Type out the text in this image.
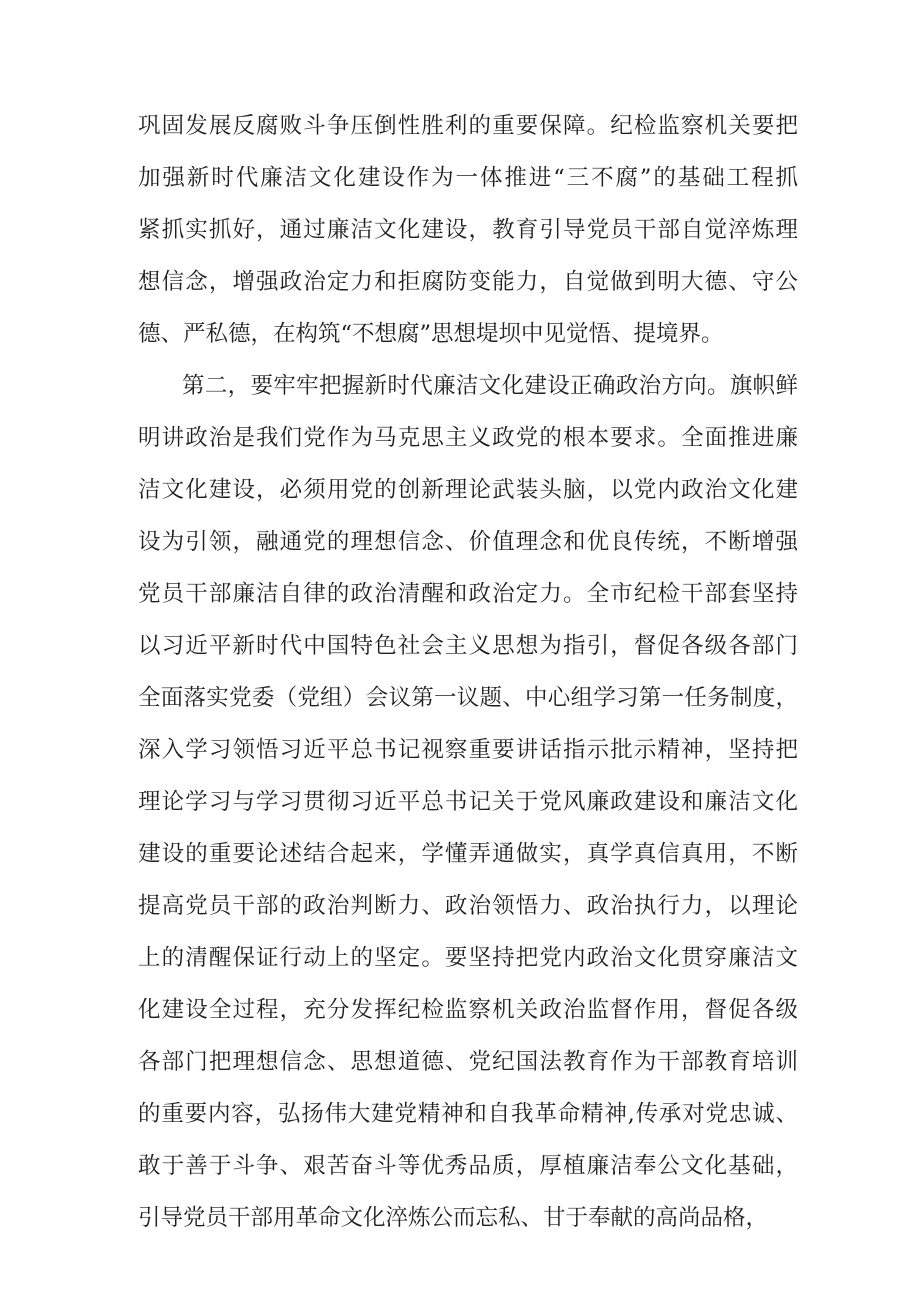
巩固发展反腐败斗争压倒性胜利的重要保障。纪检监察机关要把
加强新时代廉洁文化建设作为一体推进“三不腐”的基础工程抓
紧抓实抓好，通过廉洁文化建设，教育引导党员干部自觉淬炼理
想信念，增强政治定力和拒腐防变能力，自觉做到明大德、守公
德、严私德，在构筑“不想腐”思想堤坝中见觉悟、提境界。
第二，要牢牢把握新时代廉洁文化建设正确政治方向。旗帜鲜
明讲政治是我们党作为马克思主义政党的根本要求。全面推进廉
洁文化建设，必须用党的创新理论武装头脑，以党内政治文化建
设为引领，融通党的理想信念、价值理念和优良传统，不断增强
党员干部廉洁自律的政治清醒和政治定力。全市纪检干部套坚持
以习近平新时代中国特色社会主义思想为指引，督促各级各部门
全面落实党委（党组）会议第一议题、中心组学习第一任务制度，
深入学习领悟习近平总书记视察重要讲话指示批示精神，坚持把
理论学习与学习贯彻习近平总书记关于党风廉政建设和廉洁文化
建设的重要论述结合起来，学懂弄通做实，真学真信真用，不断
提高党员干部的政治判断力、政治领悟力、政治执行力，以理论
上的清醒保证行动上的坚定。要坚持把党内政治文化贯穿廉洁文
化建设全过程，充分发挥纪检监察机关政治监督作用，督促各级
各部门把理想信念、思想道德、党纪国法教育作为干部教育培训
的重要内容，弘扬伟大建党精神和自我革命精神,传承对党忠诚、
敢于善于斗争、艰苦奋斗等优秀品质，厚植廉洁奉公文化基础，
引导党员干部用革命文化淬炼公而忘私、甘于奉献的高尚品格，
